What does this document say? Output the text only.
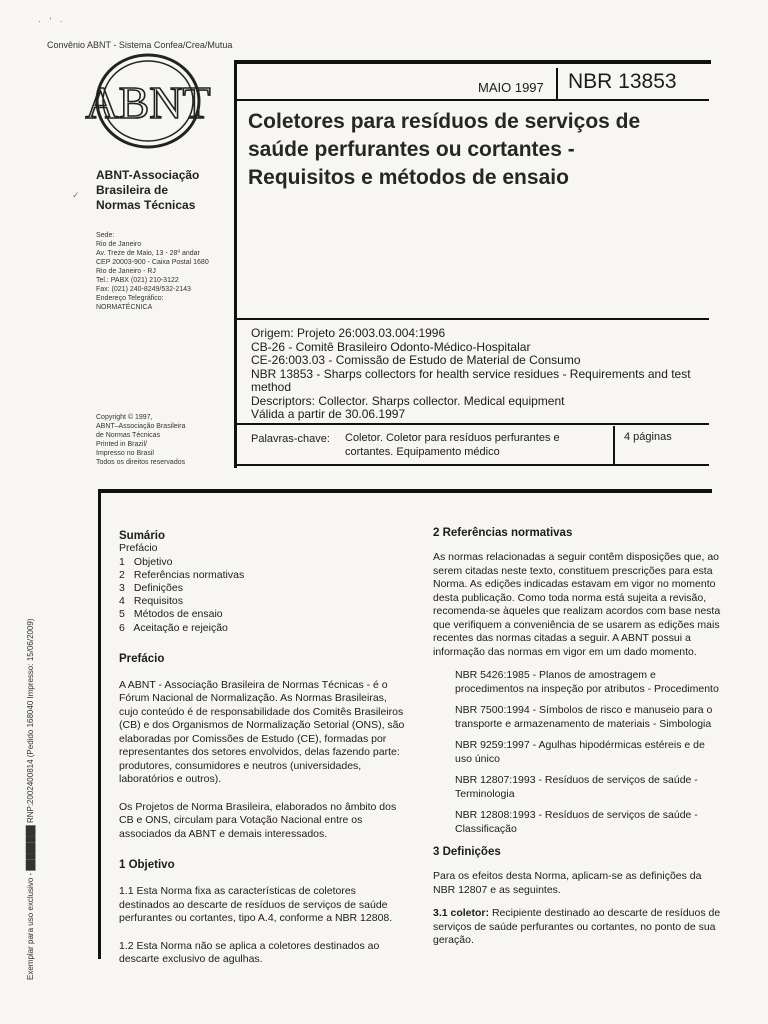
· ' ·
Convênio ABNT - Sistema Confea/Crea/Mutua
ABNT
✓
ABNT-Associação
Brasileira de
Normas Técnicas
Sede:
Rio de Janeiro
Av. Treze de Maio, 13 - 28º andar
CEP 20003-900 - Caixa Postal 1680
Rio de Janeiro - RJ
Tel.: PABX (021) 210-3122
Fax: (021) 240-8249/532-2143
Endereço Telegráfico:
NORMATÉCNICA
Copyright © 1997,
ABNT–Associação Brasileira
de Normas Técnicas
Printed in Brazil/
Impresso no Brasil
Todos os direitos reservados
Exemplar para uso exclusivo - ████████ RNP:2002400814 (Pedido 168040 Impresso: 15/06/2009)
MAIO 1997 NBR 13853
Coletores para resíduos de serviços de
saúde perfurantes ou cortantes -
Requisitos e métodos de ensaio
Origem: Projeto 26:003.03.004:1996
CB-26 - Comitê Brasileiro Odonto-Médico-Hospitalar
CE-26:003.03 - Comissão de Estudo de Material de Consumo
NBR 13853 - Sharps collectors for health service residues - Requirements and test method
Descriptors: Collector. Sharps collector. Medical equipment
Válida a partir de 30.06.1997
Palavras-chave: Coletor. Coletor para resíduos perfurantes e cortantes. Equipamento médico
4 páginas

Sumário

Prefácio

1 Objetivo
2 Referências normativas
3 Definições
4 Requisitos
5 Métodos de ensaio
6 Aceitação e rejeição

Prefácio

A ABNT - Associação Brasileira de Normas Técnicas - é o Fórum Nacional de Normalização. As Normas Brasileiras, cujo conteúdo é de responsabilidade dos Comitês Brasileiros (CB) e dos Organismos de Normalização Setorial (ONS), são elaboradas por Comissões de Estudo (CE), formadas por representantes dos setores envolvidos, delas fazendo parte: produtores, consumidores e neutros (universidades, laboratórios e outros).

Os Projetos de Norma Brasileira, elaborados no âmbito dos CB e ONS, circulam para Votação Nacional entre os associados da ABNT e demais interessados.

1 Objetivo

1.1 Esta Norma fixa as características de coletores destinados ao descarte de resíduos de serviços de saúde perfurantes ou cortantes, tipo A.4, conforme a NBR 12808.

1.2 Esta Norma não se aplica a coletores destinados ao descarte exclusivo de agulhas.

2 Referências normativas

As normas relacionadas a seguir contêm disposições que, ao serem citadas neste texto, constituem prescrições para esta Norma. As edições indicadas estavam em vigor no momento desta publicação. Como toda norma está sujeita a revisão, recomenda-se àqueles que realizam acordos com base nesta que verifiquem a conveniência de se usarem as edições mais recentes das normas citadas a seguir. A ABNT possui a informação das normas em vigor em um dado momento.

NBR 5426:1985 - Planos de amostragem e procedimentos na inspeção por atributos - Procedimento

NBR 7500:1994 - Símbolos de risco e manuseio para o transporte e armazenamento de materiais - Simbologia

NBR 9259:1997 - Agulhas hipodérmicas estéreis e de uso único

NBR 12807:1993 - Resíduos de serviços de saúde - Terminologia

NBR 12808:1993 - Resíduos de serviços de saúde - Classificação

3 Definições

Para os efeitos desta Norma, aplicam-se as definições da NBR 12807 e as seguintes.

3.1 coletor: Recipiente destinado ao descarte de resíduos de serviços de saúde perfurantes ou cortantes, no ponto de sua geração.
